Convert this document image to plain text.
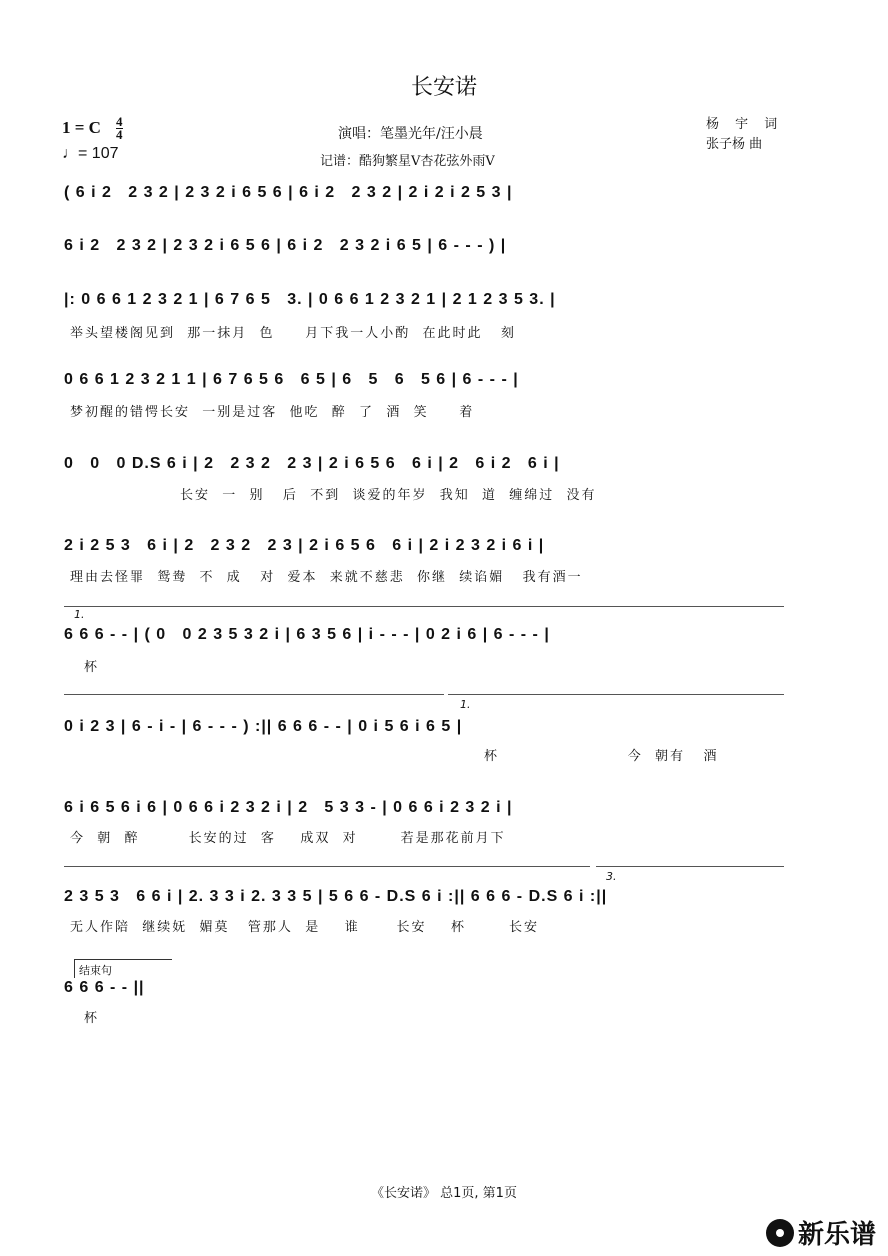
长安诺
1 = C 4
4
♩= 107
演唱：笔墨光年/汪小晨
记谱：酷狗繁星V杏花弦外雨V
杨 宇 词
张子杨 曲
( 6 i 2   2 3 2 | 2 3 2 i 6 5 6 | 6 i 2   2 3 2 | 2 i 2 i 2 5 3 |
6 i 2   2 3 2 | 2 3 2 i 6 5 6 | 6 i 2   2 3 2 i 6 5 | 6 - - - ) |
|: 0 6 6 1 2 3 2 1 | 6 7 6 5   3. | 0 6 6 1 2 3 2 1 | 2 1 2 3 5 3. |
举头望楼阁见到  那一抹月  色     月下我一人小酌  在此时此   刻
0 6 6 1 2 3 2 1 1 | 6 7 6 5 6   6 5 | 6   5   6   5 6 | 6 - - - |
梦初醒的错愕长安  一别是过客  他吃  醉  了  酒  笑     着
0   0   0 D.S 6 i | 2   2 3 2   2 3 | 2 i 6 5 6   6 i | 2   6 i 2   6 i |
长安  一  别   后  不到  谈爱的年岁  我知  道  缠绵过  没有
2 i 2 5 3   6 i | 2   2 3 2   2 3 | 2 i 6 5 6   6 i | 2 i 2 3 2 i 6 i |
理由去怪罪  鸳鸯  不  成   对  爱本  来就不慈悲  你继  续谄媚   我有酒一
1.
6 6 6 - - | ( 0   0 2 3 5 3 2 i | 6 3 5 6 | i - - - | 0 2 i 6 | 6 - - - |
杯
1.
0 i 2 3 | 6 - i - | 6 - - - ) :|| 6 6 6 - - | 0 i 5 6 i 6 5 |
杯                     今  朝有   酒
6 i 6 5 6 i 6 | 0 6 6 i 2 3 2 i | 2   5 3 3 - | 0 6 6 i 2 3 2 i |
今  朝  醉        长安的过  客    成双  对       若是那花前月下
3.
2 3 5 3   6 6 i | 2. 3 3 i 2. 3 3 5 | 5 6 6 - D.S 6 i :|| 6 6 6 - D.S 6 i :||
无人作陪  继续妩  媚莫   管那人  是    谁      长安    杯       长安
结束句
6 6 6 - - ||
杯
《长安诺》 总1页, 第1页
新乐谱
